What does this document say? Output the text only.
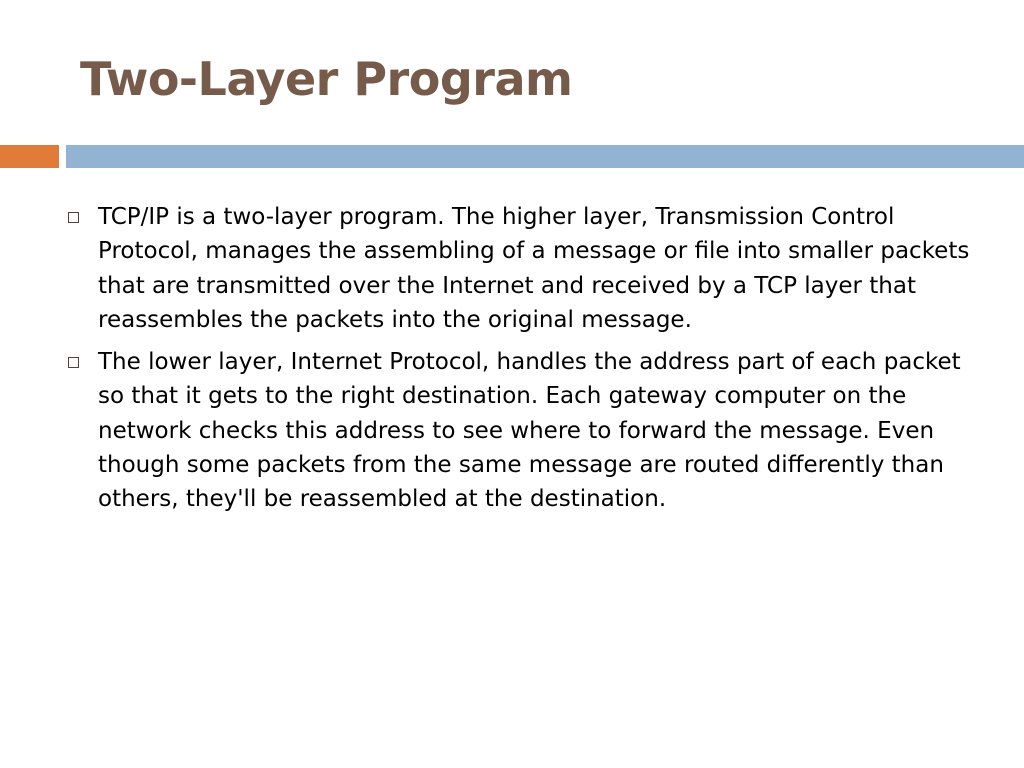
Two-Layer Program
TCP/IP is a two-layer program. The higher layer, Transmission Control Protocol, manages the assembling of a message or file into smaller packets that are transmitted over the Internet and received by a TCP layer that reassembles the packets into the original message.
The lower layer, Internet Protocol, handles the address part of each packet so that it gets to the right destination. Each gateway computer on the network checks this address to see where to forward the message. Even though some packets from the same message are routed differently than others, they'll be reassembled at the destination.
